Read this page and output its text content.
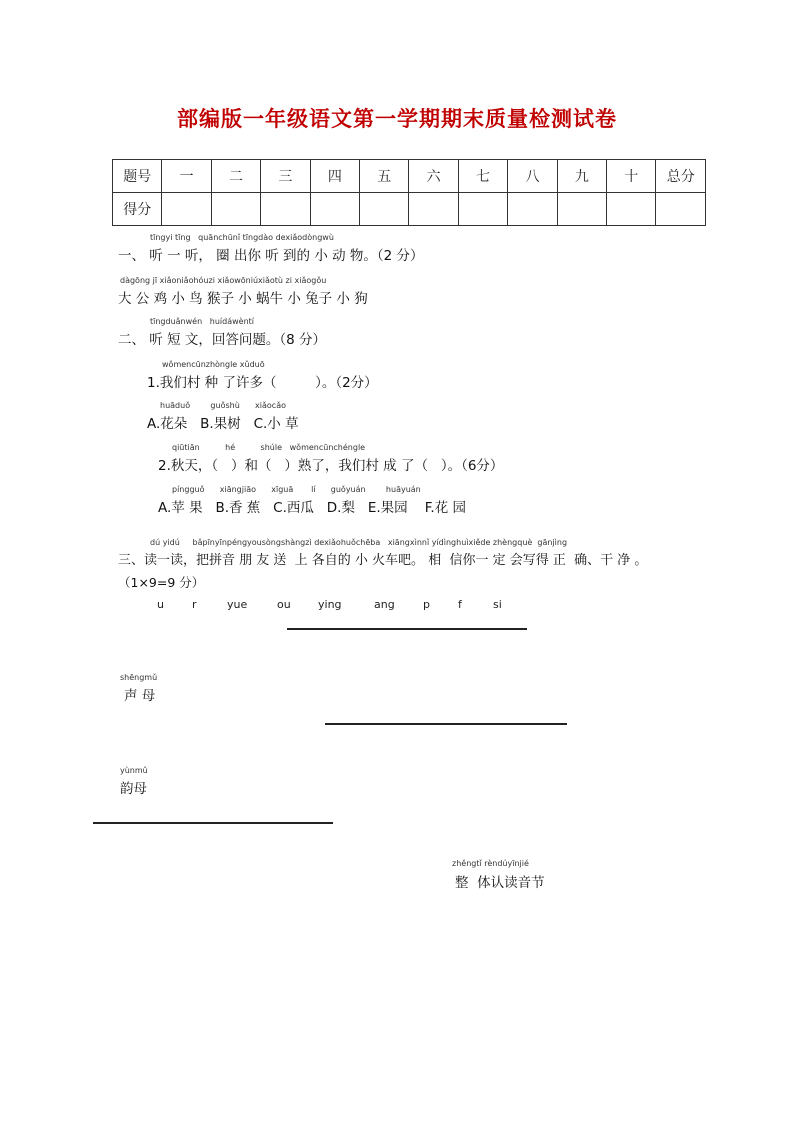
部编版一年级语文第一学期期末质量检测试卷
题号	一	二	三	四	五	六	七	八	九	十	总分
得分											
tīngyi tīng   quānchūnǐ tīngdào dexiǎodòngwù
一、 听 一 听， 圈 出你 听 到的 小 动 物。（2 分）
dàgōng jī xiǎoniǎohóuzi xiǎowōniúxiǎotù zi xiǎogǒu
大 公 鸡 小 鸟 猴子 小 蜗牛 小 兔子 小 狗
tīngduǎnwén   huídáwèntí
二、 听 短 文，回答问题。（8 分）
wǒmencūnzhòngle xǔduō
1.我们村 种 了许多（         ）。（2分）
huāduǒ        guǒshù      xiǎocǎo
A.花朵   B.果树   C.小 草
qiūtiān          hé          shúle   wǒmencūnchéngle
2.秋天，（   ）和（   ）熟了，我们村 成 了（   ）。（6分）
píngguǒ      xiāngjiāo      xīguā       lí      guǒyuán        huāyuán
A.苹 果   B.香 蕉   C.西瓜   D.梨   E.果园    F.花 园
dú yidú     bǎpīnyīnpéngyousòngshàngzì dexiǎohuǒchēba   xiāngxìnnǐ yídìnghuìxiěde zhèngquè  gānjìng
三、读一读，把拼音 朋 友 送  上 各自的 小 火车吧。 相  信你一 定 会写得 正  确、干 净 。
（1×9=9 分）
u	r	yue	ou ying	ang	p	f	si
shēngmǔ
声 母
yùnmǔ
韵母
zhěngtǐ rèndúyīnjié
整  体认读音节
